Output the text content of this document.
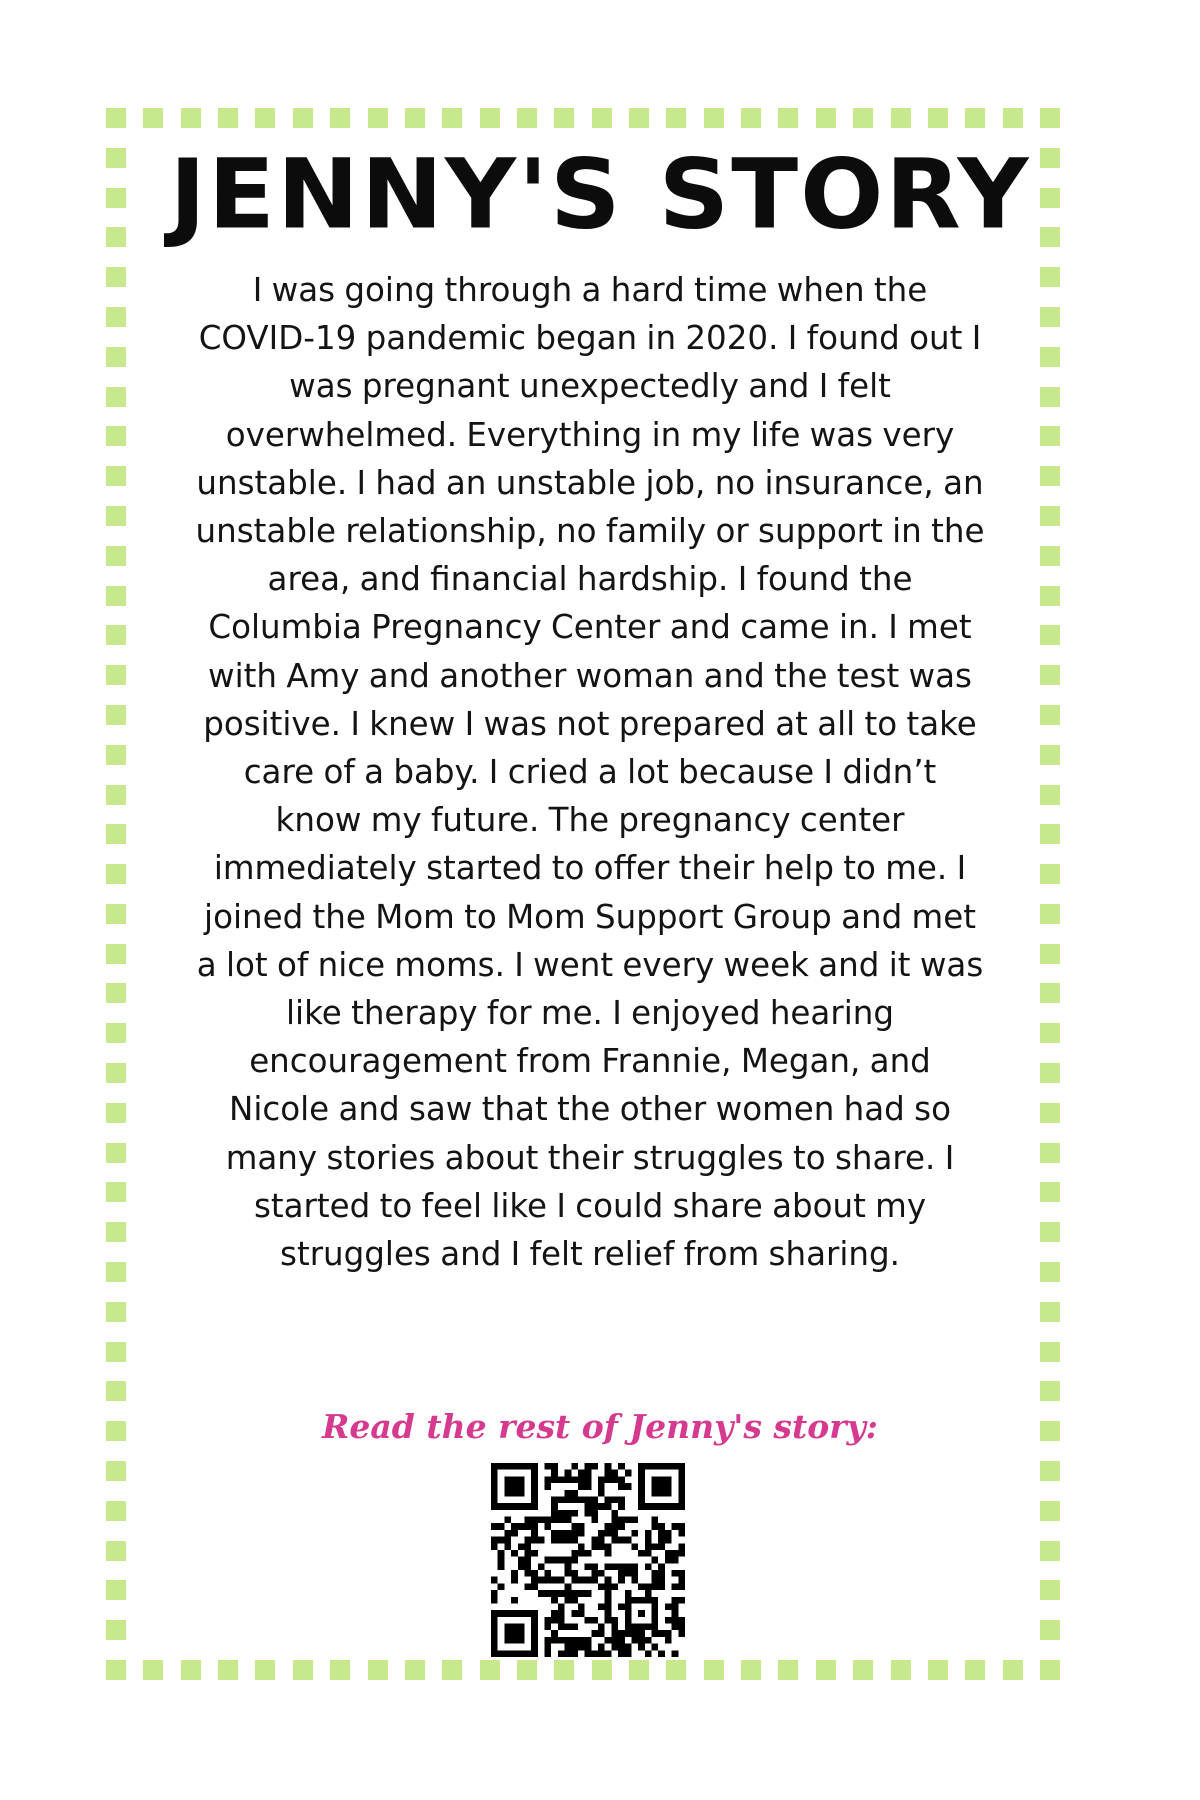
JENNY'S STORY

I was going through a hard time when the
COVID-19 pandemic began in 2020. I found out I
was pregnant unexpectedly and I felt
overwhelmed. Everything in my life was very
unstable. I had an unstable job, no insurance, an
unstable relationship, no family or support in the
area, and financial hardship. I found the
Columbia Pregnancy Center and came in. I met
with Amy and another woman and the test was
positive. I knew I was not prepared at all to take
care of a baby. I cried a lot because I didn’t
know my future. The pregnancy center
immediately started to offer their help to me. I
joined the Mom to Mom Support Group and met
a lot of nice moms. I went every week and it was
like therapy for me. I enjoyed hearing
encouragement from Frannie, Megan, and
Nicole and saw that the other women had so
many stories about their struggles to share. I
started to feel like I could share about my
struggles and I felt relief from sharing.

Read the rest of Jenny's story:
